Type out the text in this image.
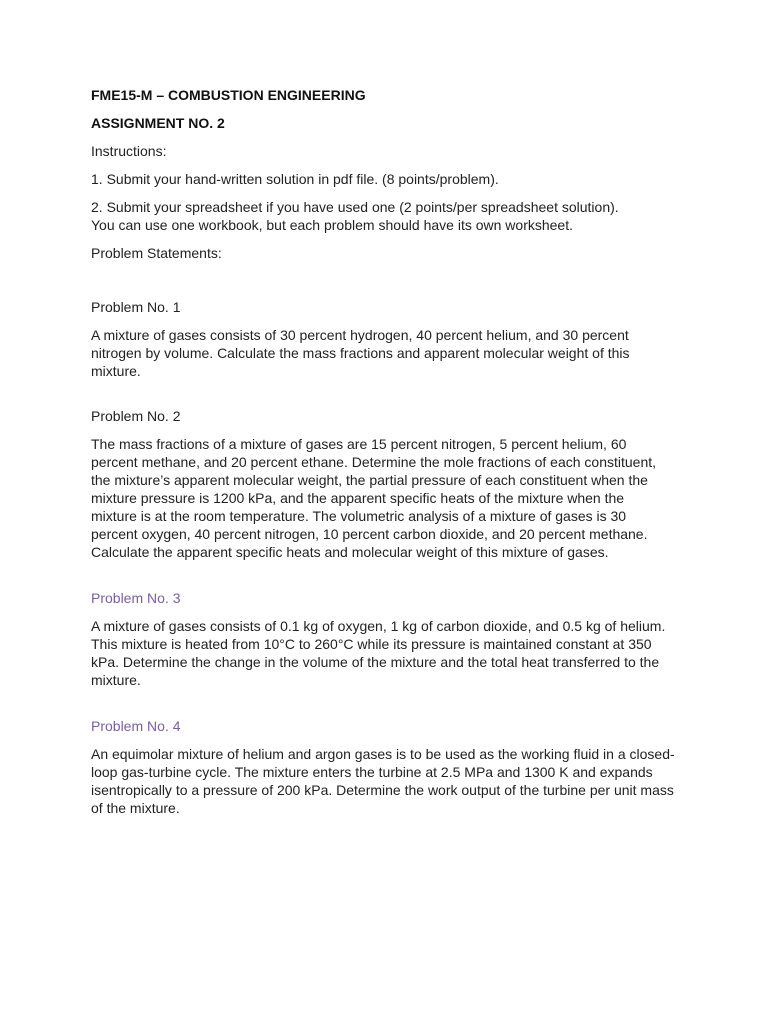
FME15-M – COMBUSTION ENGINEERING

ASSIGNMENT NO. 2

Instructions:

1. Submit your hand-written solution in pdf file. (8 points/problem).

2. Submit your spreadsheet if you have used one (2 points/per spreadsheet solution). You can use one workbook, but each problem should have its own worksheet.

Problem Statements:

Problem No. 1

A mixture of gases consists of 30 percent hydrogen, 40 percent helium, and 30 percent nitrogen by volume. Calculate the mass fractions and apparent molecular weight of this mixture.

Problem No. 2

The mass fractions of a mixture of gases are 15 percent nitrogen, 5 percent helium, 60 percent methane, and 20 percent ethane. Determine the mole fractions of each constituent, the mixture’s apparent molecular weight, the partial pressure of each constituent when the mixture pressure is 1200 kPa, and the apparent specific heats of the mixture when the mixture is at the room temperature. The volumetric analysis of a mixture of gases is 30 percent oxygen, 40 percent nitrogen, 10 percent carbon dioxide, and 20 percent methane. Calculate the apparent specific heats and molecular weight of this mixture of gases.

Problem No. 3

A mixture of gases consists of 0.1 kg of oxygen, 1 kg of carbon dioxide, and 0.5 kg of helium. This mixture is heated from 10°C to 260°C while its pressure is maintained constant at 350 kPa. Determine the change in the volume of the mixture and the total heat transferred to the mixture.

Problem No. 4

An equimolar mixture of helium and argon gases is to be used as the working fluid in a closed-loop gas-turbine cycle. The mixture enters the turbine at 2.5 MPa and 1300 K and expands isentropically to a pressure of 200 kPa. Determine the work output of the turbine per unit mass of the mixture.
